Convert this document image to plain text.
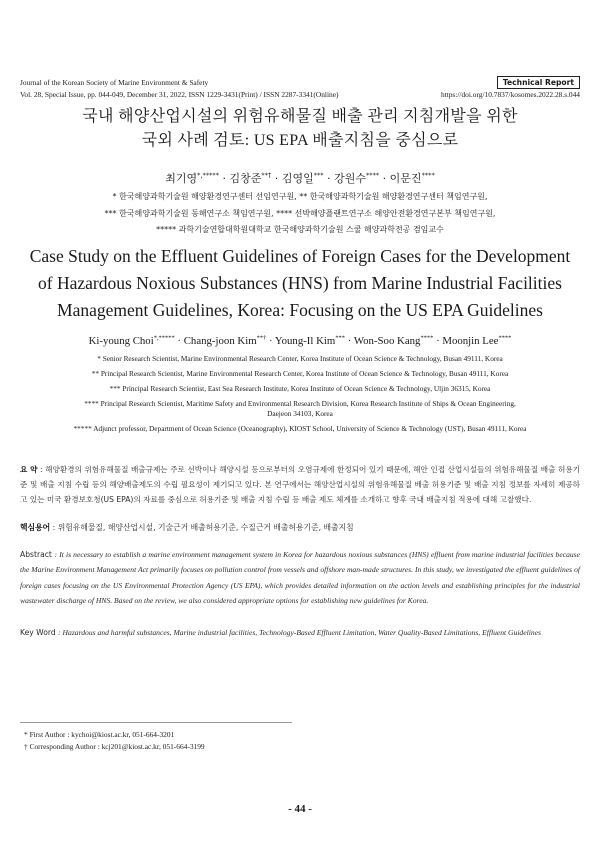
Journal of the Korean Society of Marine Environment & Safety	Technical Report
Vol. 28, Special Issue, pp. 044-049, December 31, 2022, ISSN 1229-3431(Print) / ISSN 2287-3341(Online)	https://doi.org/10.7837/kosomes.2022.28.s.044
국내 해양산업시설의 위험유해물질 배출 관리 지침개발을 위한
국외 사례 검토: US EPA 배출지침을 중심으로
최기영*,***** · 김창준**† · 김영일*** · 강원수**** · 이문진****
* 한국해양과학기술원 해양환경연구센터 선임연구원, ** 한국해양과학기술원 해양환경연구센터 책임연구원,
*** 한국해양과학기술원 동해연구소 책임연구원, **** 선박해양플랜트연구소 해양안전환경연구본부 책임연구원,
***** 과학기술연합대학원대학교 한국해양과학기술원 스쿨 해양과학전공 겸임교수
Case Study on the Effluent Guidelines of Foreign Cases for the Development
of Hazardous Noxious Substances (HNS) from Marine Industrial Facilities
Management Guidelines, Korea: Focusing on the US EPA Guidelines
Ki-young Choi*,***** · Chang-joon Kim**† · Young-Il Kim*** · Won-Soo Kang**** · Moonjin Lee****
* Senior Research Scientist, Marine Environmental Research Center, Korea Institute of Ocean Science & Technology, Busan 49111, Korea
** Principal Research Scientist, Marine Environmental Research Center, Korea Institute of Ocean Science & Technology, Busan 49111, Korea
*** Principal Research Scientist, East Sea Research Institute, Korea Institute of Ocean Science & Technology, Uljin 36315, Korea
**** Principal Research Scientist, Maritime Safety and Environmental Research Division, Korea Research Institute of Ships & Ocean Engineering,
Daejeon 34103, Korea
***** Adjunct professor, Department of Ocean Science (Oceanography), KIOST School, University of Science & Technology (UST), Busan 49111, Korea
요 약 : 해양환경의 위험유해물질 배출규제는 주로 선박이나 해양시설 등으로부터의 오염규제에 한정되어 있기 때문에, 해안 인접 산업시설들의 위험유해물질 배출 허용기준 및 배출 지침 수립 등의 해양배출제도의 수립 필요성이 제기되고 있다. 본 연구에서는 해양산업시설의 위험유해물질 배출 허용기준 및 배출 지침 정보를 자세히 제공하고 있는 미국 환경보호청(US EPA)의 자료를 중심으로 허용기준 및 배출 지침 수립 등 배출 제도 체계를 소개하고 향후 국내 배출지침 적용에 대해 고찰했다.
핵심용어 : 위험유해물질, 해양산업시설, 기술근거 배출허용기준, 수질근거 배출허용기준, 배출지침
Abstract : It is necessary to establish a marine environment management system in Korea for hazardous noxious substances (HNS) effluent from marine industrial facilities because the Marine Environment Management Act primarily focuses on pollution control from vessels and offshore man-made structures. In this study, we investigated the effluent guidelines of foreign cases focusing on the US Environmental Protection Agency (US EPA), which provides detailed information on the action levels and establishing principles for the industrial wastewater discharge of HNS. Based on the review, we also considered appropriate options for establishing new guidelines for Korea.
Key Word : Hazardous and harmful substances, Marine industrial facilities, Technology-Based Effluent Limitation, Water Quality-Based Limitations, Effluent Guidelines
* First Author : kychoi@kiost.ac.kr, 051-664-3201
† Corresponding Author : kcj201@kiost.ac.kr, 051-664-3199
- 44 -
